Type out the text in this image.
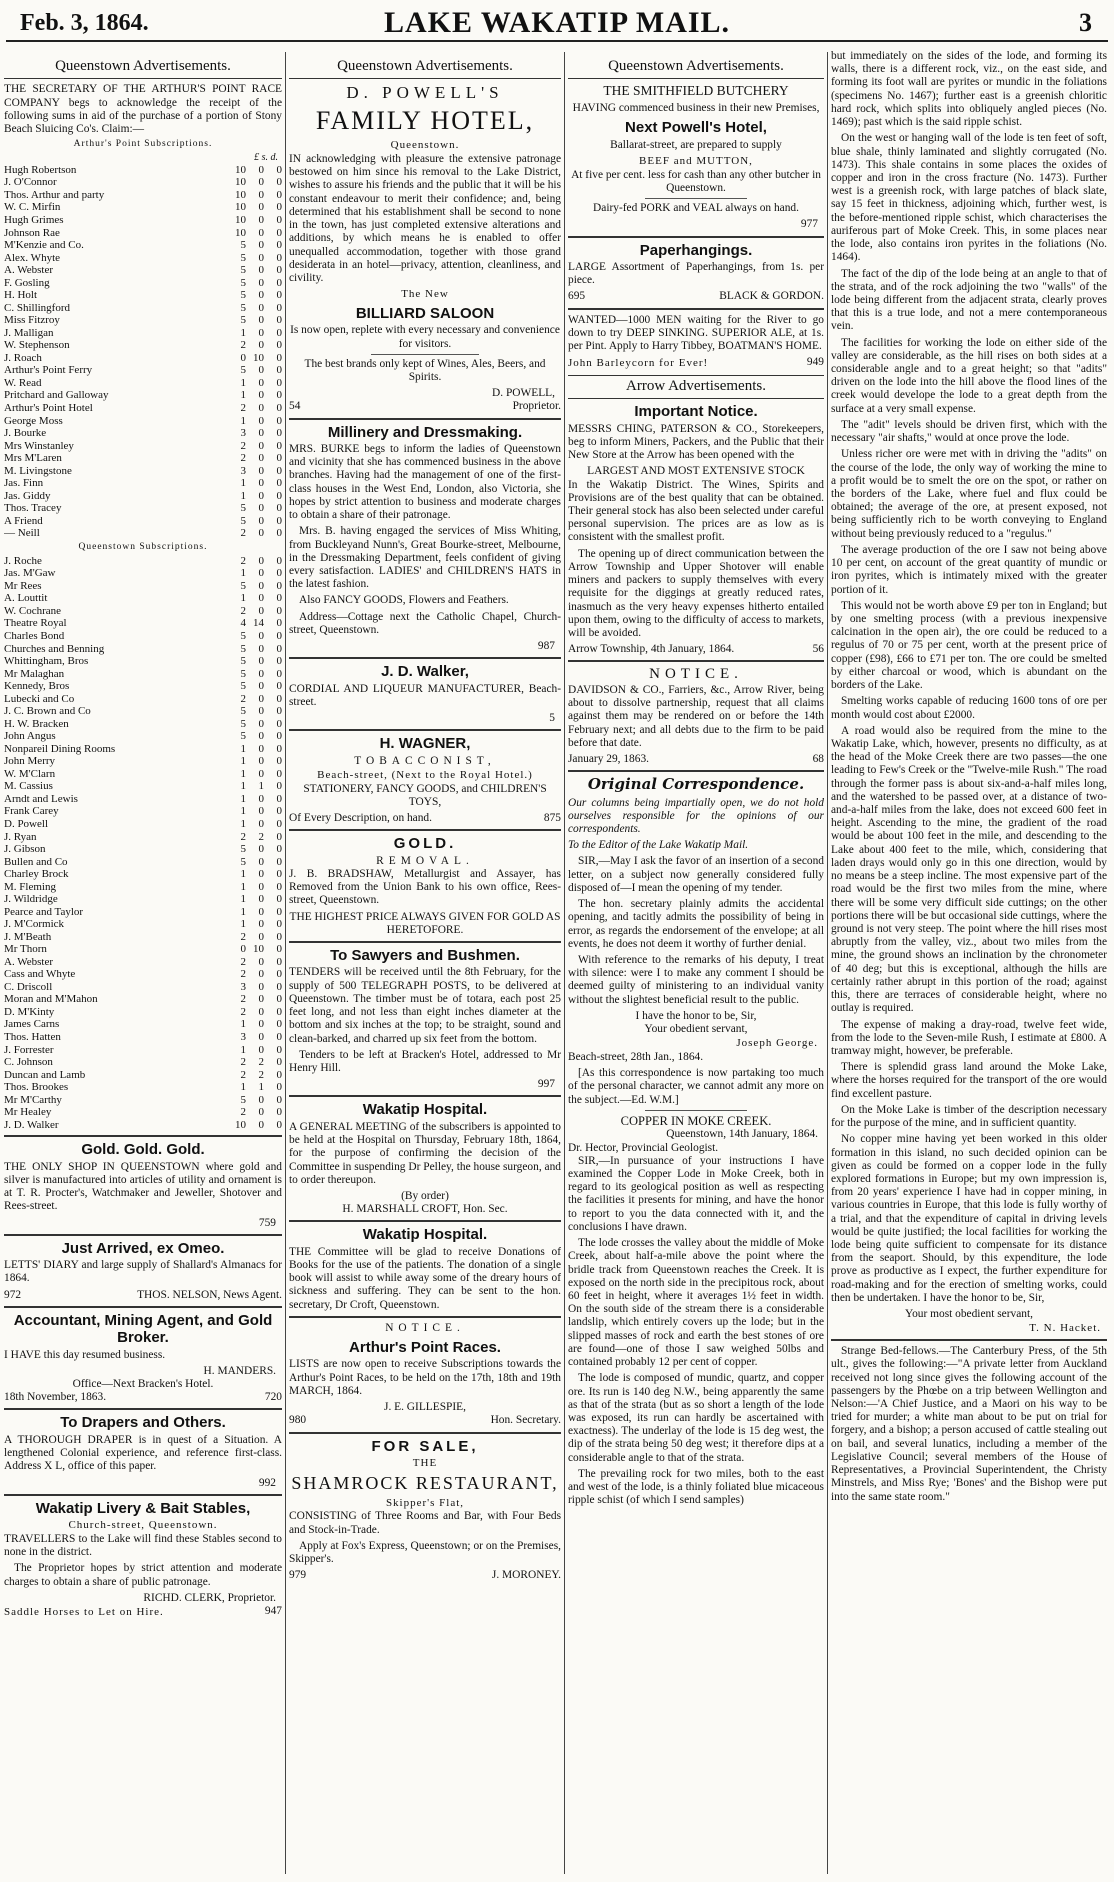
Feb. 3, 1864.	LAKE WAKATIP MAIL.	3
Queenstown Advertisements.

THE SECRETARY OF THE ARTHUR'S POINT RACE COMPANY begs to acknowledge the receipt of the following sums in aid of the purchase of a portion of Stony Beach Sluicing Co's. Claim:—

Arthur's Point Subscriptions.
£ s. d.
Hugh Robertson	10	0	0
J. O'Connor	10	0	0
Thos. Arthur and party	10	0	0
W. C. Mirfin	10	0	0
Hugh Grimes	10	0	0
Johnson Rae	10	0	0
M'Kenzie and Co.	5	0	0
Alex. Whyte	5	0	0
A. Webster	5	0	0
F. Gosling	5	0	0
H. Holt	5	0	0
C. Shillingford	5	0	0
Miss Fitzroy	5	0	0
J. Malligan	1	0	0
W. Stephenson	2	0	0
J. Roach	0	10	0
Arthur's Point Ferry	5	0	0
W. Read	1	0	0
Pritchard and Galloway	1	0	0
Arthur's Point Hotel	2	0	0
George Moss	1	0	0
J. Bourke	3	0	0
Mrs Winstanley	2	0	0
Mrs M'Laren	2	0	0
M. Livingstone	3	0	0
Jas. Finn	1	0	0
Jas. Giddy	1	0	0
Thos. Tracey	5	0	0
A Friend	5	0	0
— Neill	2	0	0
Queenstown Subscriptions.
J. Roche	2	0	0
Jas. M'Gaw	1	0	0
Mr Rees	5	0	0
A. Louttit	1	0	0
W. Cochrane	2	0	0
Theatre Royal	4	14	0
Charles Bond	5	0	0
Churches and Benning	5	0	0
Whittingham, Bros	5	0	0
Mr Malaghan	5	0	0
Kennedy, Bros	5	0	0
Lubecki and Co	2	0	0
J. C. Brown and Co	5	0	0
H. W. Bracken	5	0	0
John Angus	5	0	0
Nonpareil Dining Rooms	1	0	0
John Merry	1	0	0
W. M'Clarn	1	0	0
M. Cassius	1	1	0
Arndt and Lewis	1	0	0
Frank Carey	1	0	0
D. Powell	1	0	0
J. Ryan	2	2	0
J. Gibson	5	0	0
Bullen and Co	5	0	0
Charley Brock	1	0	0
M. Fleming	1	0	0
J. Wildridge	1	0	0
Pearce and Taylor	1	0	0
J. M'Cormick	1	0	0
J. M'Beath	2	0	0
Mr Thorn	0	10	0
A. Webster	2	0	0
Cass and Whyte	2	0	0
C. Driscoll	3	0	0
Moran and M'Mahon	2	0	0
D. M'Kinty	2	0	0
James Carns	1	0	0
Thos. Hatten	3	0	0
J. Forrester	1	0	0
C. Johnson	2	2	0
Duncan and Lamb	2	2	0
Thos. Brookes	1	1	0
Mr M'Carthy	5	0	0
Mr Healey	2	0	0
J. D. Walker	10	0	0
Gold. Gold. Gold.

THE ONLY SHOP IN QUEENSTOWN where gold and silver is manufactured into articles of utility and ornament is at T. R. Procter's, Watchmaker and Jeweller, Shotover and Rees-street.

759
Just Arrived, ex Omeo.

LETTS' DIARY and large supply of Shallard's Almanacs for 1864.

972	THOS. NELSON, News Agent.
Accountant, Mining Agent, and Gold Broker.

I HAVE this day resumed business.

H. MANDERS.
Office—Next Bracken's Hotel.
18th November, 1863.	720
To Drapers and Others.

A THOROUGH DRAPER is in quest of a Situation. A lengthened Colonial experience, and reference first-class. Address X L, office of this paper.

992
Wakatip Livery & Bait Stables,
Church-street, Queenstown.

TRAVELLERS to the Lake will find these Stables second to none in the district.

The Proprietor hopes by strict attention and moderate charges to obtain a share of public patronage.

RICHD. CLERK, Proprietor.
Saddle Horses to Let on Hire.	947
Queenstown Advertisements.
D. POWELL'S
FAMILY HOTEL,
Queenstown.

IN acknowledging with pleasure the extensive patronage bestowed on him since his removal to the Lake District, wishes to assure his friends and the public that it will be his constant endeavour to merit their confidence; and, being determined that his establishment shall be second to none in the town, has just completed extensive alterations and additions, by which means he is enabled to offer unequalled accommodation, together with those grand desiderata in an hotel—privacy, attention, cleanliness, and civility.

The New
BILLIARD SALOON

Is now open, replete with every necessary and convenience for visitors.

The best brands only kept of Wines, Ales, Beers, and Spirits.

D. POWELL,
54	Proprietor.
Millinery and Dressmaking.

MRS. BURKE begs to inform the ladies of Queenstown and vicinity that she has commenced business in the above branches. Having had the management of one of the first-class houses in the West End, London, also Victoria, she hopes by strict attention to business and moderate charges to obtain a share of their patronage.

Mrs. B. having engaged the services of Miss Whiting, from Buckleyand Nunn's, Great Bourke-street, Melbourne, in the Dressmaking Department, feels confident of giving every satisfaction. LADIES' and CHILDREN'S HATS in the latest fashion.

Also FANCY GOODS, Flowers and Feathers.

Address—Cottage next the Catholic Chapel, Church-street, Queenstown.

987
J. D. Walker,

CORDIAL AND LIQUEUR MANUFACTURER, Beach-street.

5
H. WAGNER,
TOBACCONIST,
Beach-street, (Next to the Royal Hotel.)

STATIONERY, FANCY GOODS, and CHILDREN'S TOYS,

Of Every Description, on hand.	875
GOLD.
REMOVAL.

J. B. BRADSHAW, Metallurgist and Assayer, has Removed from the Union Bank to his own office, Rees-street, Queenstown.

THE HIGHEST PRICE ALWAYS GIVEN FOR GOLD AS HERETOFORE.

To Sawyers and Bushmen.

TENDERS will be received until the 8th February, for the supply of 500 TELEGRAPH POSTS, to be delivered at Queenstown. The timber must be of totara, each post 25 feet long, and not less than eight inches diameter at the bottom and six inches at the top; to be straight, sound and clean-barked, and charred up six feet from the bottom.

Tenders to be left at Bracken's Hotel, addressed to Mr Henry Hill.

997
Wakatip Hospital.

A GENERAL MEETING of the subscribers is appointed to be held at the Hospital on Thursday, February 18th, 1864, for the purpose of confirming the decision of the Committee in suspending Dr Pelley, the house surgeon, and to order thereupon.

(By order)
H. MARSHALL CROFT, Hon. Sec.
Wakatip Hospital.

THE Committee will be glad to receive Donations of Books for the use of the patients. The donation of a single book will assist to while away some of the dreary hours of sickness and suffering. They can be sent to the hon. secretary, Dr Croft, Queenstown.

NOTICE.
Arthur's Point Races.

LISTS are now open to receive Subscriptions towards the Arthur's Point Races, to be held on the 17th, 18th and 19th MARCH, 1864.

J. E. GILLESPIE,
980	Hon. Secretary.
FOR SALE,
THE
SHAMROCK RESTAURANT,
Skipper's Flat,

CONSISTING of Three Rooms and Bar, with Four Beds and Stock-in-Trade.

Apply at Fox's Express, Queenstown; or on the Premises, Skipper's.

979	J. MORONEY.
Queenstown Advertisements.
THE SMITHFIELD BUTCHERY

HAVING commenced business in their new Premises,

Next Powell's Hotel,

Ballarat-street, are prepared to supply

BEEF and MUTTON,

At five per cent. less for cash than any other butcher in Queenstown.

Dairy-fed PORK and VEAL always on hand.

977
Paperhangings.

LARGE Assortment of Paperhangings, from 1s. per piece.

695	BLACK & GORDON.

WANTED—1000 MEN waiting for the River to go down to try DEEP SINKING. SUPERIOR ALE, at 1s. per Pint. Apply to Harry Tibbey, BOATMAN'S HOME.

John Barleycorn for Ever!	949
Arrow Advertisements.
Important Notice.

MESSRS CHING, PATERSON & CO., Storekeepers, beg to inform Miners, Packers, and the Public that their New Store at the Arrow has been opened with the

LARGEST AND MOST EXTENSIVE STOCK

In the Wakatip District. The Wines, Spirits and Provisions are of the best quality that can be obtained. Their general stock has also been selected under careful personal supervision. The prices are as low as is consistent with the smallest profit.

The opening up of direct communication between the Arrow Township and Upper Shotover will enable miners and packers to supply themselves with every requisite for the diggings at greatly reduced rates, inasmuch as the very heavy expenses hitherto entailed upon them, owing to the difficulty of access to markets, will be avoided.

Arrow Township, 4th January, 1864.	56
NOTICE.

DAVIDSON & CO., Farriers, &c., Arrow River, being about to dissolve partnership, request that all claims against them may be rendered on or before the 14th February next; and all debts due to the firm to be paid before that date.

January 29, 1863.	68
Original Correspondence.

Our columns being impartially open, we do not hold ourselves responsible for the opinions of our correspondents.

To the Editor of the Lake Wakatip Mail.

SIR,—May I ask the favor of an insertion of a second letter, on a subject now generally considered fully disposed of—I mean the opening of my tender.

The hon. secretary plainly admits the accidental opening, and tacitly admits the possibility of being in error, as regards the endorsement of the envelope; at all events, he does not deem it worthy of further denial.

With reference to the remarks of his deputy, I treat with silence: were I to make any comment I should be deemed guilty of ministering to an individual vanity without the slightest beneficial result to the public.

I have the honor to be, Sir,
Your obedient servant,
Joseph George.
Beach-street, 28th Jan., 1864.

[As this correspondence is now partaking too much of the personal character, we cannot admit any more on the subject.—Ed. W.M.]

COPPER IN MOKE CREEK.
Queenstown, 14th January, 1864.
Dr. Hector, Provincial Geologist.

SIR,—In pursuance of your instructions I have examined the Copper Lode in Moke Creek, both in regard to its geological position as well as respecting the facilities it presents for mining, and have the honor to report to you the data connected with it, and the conclusions I have drawn.

The lode crosses the valley about the middle of Moke Creek, about half-a-mile above the point where the bridle track from Queenstown reaches the Creek. It is exposed on the north side in the precipitous rock, about 60 feet in height, where it averages 1½ feet in width. On the south side of the stream there is a considerable landslip, which entirely covers up the lode; but in the slipped masses of rock and earth the best stones of ore are found—one of those I saw weighed 50lbs and contained probably 12 per cent of copper.

The lode is composed of mundic, quartz, and copper ore. Its run is 140 deg N.W., being apparently the same as that of the strata (but as so short a length of the lode was exposed, its run can hardly be ascertained with exactness). The underlay of the lode is 15 deg west, the dip of the strata being 50 deg west; it therefore dips at a considerable angle to that of the strata.

The prevailing rock for two miles, both to the east and west of the lode, is a thinly foliated blue micaceous ripple schist (of which I send samples)

but immediately on the sides of the lode, and forming its walls, there is a different rock, viz., on the east side, and forming its foot wall are pyrites or mundic in the foliations (specimens No. 1467); further east is a greenish chloritic hard rock, which splits into obliquely angled pieces (No. 1469); past which is the said ripple schist.

On the west or hanging wall of the lode is ten feet of soft, blue shale, thinly laminated and slightly corrugated (No. 1473). This shale contains in some places the oxides of copper and iron in the cross fracture (No. 1473). Further west is a greenish rock, with large patches of black slate, say 15 feet in thickness, adjoining which, further west, is the before-mentioned ripple schist, which characterises the auriferous part of Moke Creek. This, in some places near the lode, also contains iron pyrites in the foliations (No. 1464).

The fact of the dip of the lode being at an angle to that of the strata, and of the rock adjoining the two "walls" of the lode being different from the adjacent strata, clearly proves that this is a true lode, and not a mere contemporaneous vein.

The facilities for working the lode on either side of the valley are considerable, as the hill rises on both sides at a considerable angle and to a great height; so that "adits" driven on the lode into the hill above the flood lines of the creek would develope the lode to a great depth from the surface at a very small expense.

The "adit" levels should be driven first, which with the necessary "air shafts," would at once prove the lode.

Unless richer ore were met with in driving the "adits" on the course of the lode, the only way of working the mine to a profit would be to smelt the ore on the spot, or rather on the borders of the Lake, where fuel and flux could be obtained; the average of the ore, at present exposed, not being sufficiently rich to be worth conveying to England without being previously reduced to a "regulus."

The average production of the ore I saw not being above 10 per cent, on account of the great quantity of mundic or iron pyrites, which is intimately mixed with the greater portion of it.

This would not be worth above £9 per ton in England; but by one smelting process (with a previous inexpensive calcination in the open air), the ore could be reduced to a regulus of 70 or 75 per cent, worth at the present price of copper (£98), £66 to £71 per ton. The ore could be smelted by either charcoal or wood, which is abundant on the borders of the Lake.

Smelting works capable of reducing 1600 tons of ore per month would cost about £2000.

A road would also be required from the mine to the Wakatip Lake, which, however, presents no difficulty, as at the head of the Moke Creek there are two passes—the one leading to Few's Creek or the "Twelve-mile Rush." The road through the former pass is about six-and-a-half miles long, and the watershed to be passed over, at a distance of two-and-a-half miles from the lake, does not exceed 600 feet in height. Ascending to the mine, the gradient of the road would be about 100 feet in the mile, and descending to the Lake about 400 feet to the mile, which, considering that laden drays would only go in this one direction, would by no means be a steep incline. The most expensive part of the road would be the first two miles from the mine, where there will be some very difficult side cuttings; on the other portions there will be but occasional side cuttings, where the ground is not very steep. The point where the hill rises most abruptly from the valley, viz., about two miles from the mine, the ground shows an inclination by the chronometer of 40 deg; but this is exceptional, although the hills are certainly rather abrupt in this portion of the road; against this, there are terraces of considerable height, where no outlay is required.

The expense of making a dray-road, twelve feet wide, from the lode to the Seven-mile Rush, I estimate at £800. A tramway might, however, be preferable.

There is splendid grass land around the Moke Lake, where the horses required for the transport of the ore would find excellent pasture.

On the Moke Lake is timber of the description necessary for the purpose of the mine, and in sufficient quantity.

No copper mine having yet been worked in this older formation in this island, no such decided opinion can be given as could be formed on a copper lode in the fully explored formations in Europe; but my own impression is, from 20 years' experience I have had in copper mining, in various countries in Europe, that this lode is fully worthy of a trial, and that the expenditure of capital in driving levels would be quite justified; the local facilities for working the lode being quite sufficient to compensate for its distance from the seaport. Should, by this expenditure, the lode prove as productive as I expect, the further expenditure for road-making and for the erection of smelting works, could then be undertaken. I have the honor to be, Sir,

Your most obedient servant,
T. N. Hacket.

Strange Bed-fellows.—The Canterbury Press, of the 5th ult., gives the following:—"A private letter from Auckland received not long since gives the following account of the passengers by the Phœbe on a trip between Wellington and Nelson:—'A Chief Justice, and a Maori on his way to be tried for murder; a white man about to be put on trial for forgery, and a bishop; a person accused of cattle stealing out on bail, and several lunatics, including a member of the Legislative Council; several members of the House of Representatives, a Provincial Superintendent, the Christy Minstrels, and Miss Rye; 'Bones' and the Bishop were put into the same state room."
